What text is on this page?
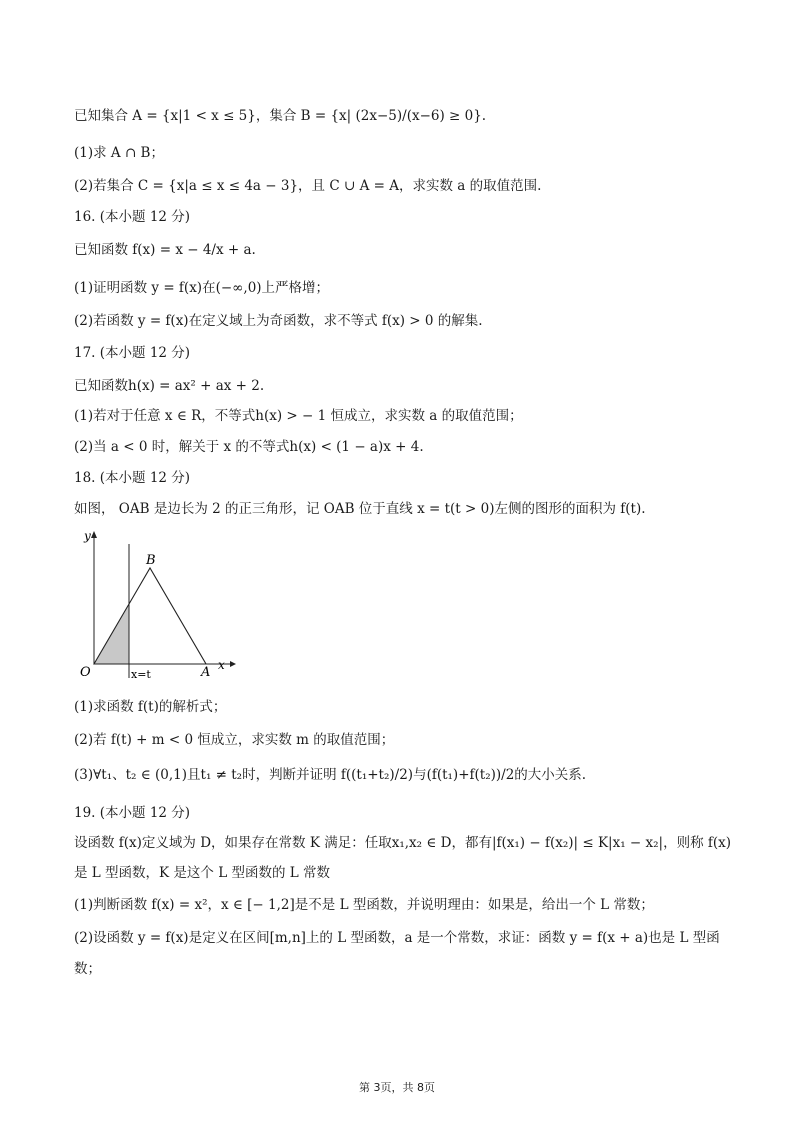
已知集合 A = {x|1 < x ≤ 5}，集合 B = {x| (2x−5)/(x−6) ≥ 0}.
(1)求 A ∩ B；
(2)若集合 C = {x|a ≤ x ≤ 4a − 3}，且 C ∪ A = A，求实数 a 的取值范围.
16. (本小题 12 分)
已知函数 f(x) = x − 4/x + a.
(1)证明函数 y = f(x)在(−∞,0)上严格增；
(2)若函数 y = f(x)在定义域上为奇函数，求不等式 f(x) > 0 的解集.
17. (本小题 12 分)
已知函数h(x) = ax² + ax + 2.
(1)若对于任意 x ∈ R，不等式h(x) > − 1 恒成立，求实数 a 的取值范围；
(2)当 a < 0 时，解关于 x 的不等式h(x) < (1 − a)x + 4.
18. (本小题 12 分)
如图， OAB 是边长为 2 的正三角形，记 OAB 位于直线 x = t(t > 0)左侧的图形的面积为 f(t).
y
x
O	A
B
x=t
(1)求函数 f(t)的解析式；
(2)若 f(t) + m < 0 恒成立，求实数 m 的取值范围；
(3)∀t₁、t₂ ∈ (0,1)且t₁ ≠ t₂时，判断并证明 f((t₁+t₂)/2)与(f(t₁)+f(t₂))/2的大小关系.
19. (本小题 12 分)
设函数 f(x)定义域为 D，如果存在常数 K 满足：任取x₁,x₂ ∈ D，都有|f(x₁) − f(x₂)| ≤ K|x₁ − x₂|，则称 f(x)
是 L 型函数，K 是这个 L 型函数的 L 常数
(1)判断函数 f(x) = x²，x ∈ [− 1,2]是不是 L 型函数，并说明理由：如果是，给出一个 L 常数；
(2)设函数 y = f(x)是定义在区间[m,n]上的 L 型函数，a 是一个常数，求证：函数 y = f(x + a)也是 L 型函
数；
第 3页，共 8页
